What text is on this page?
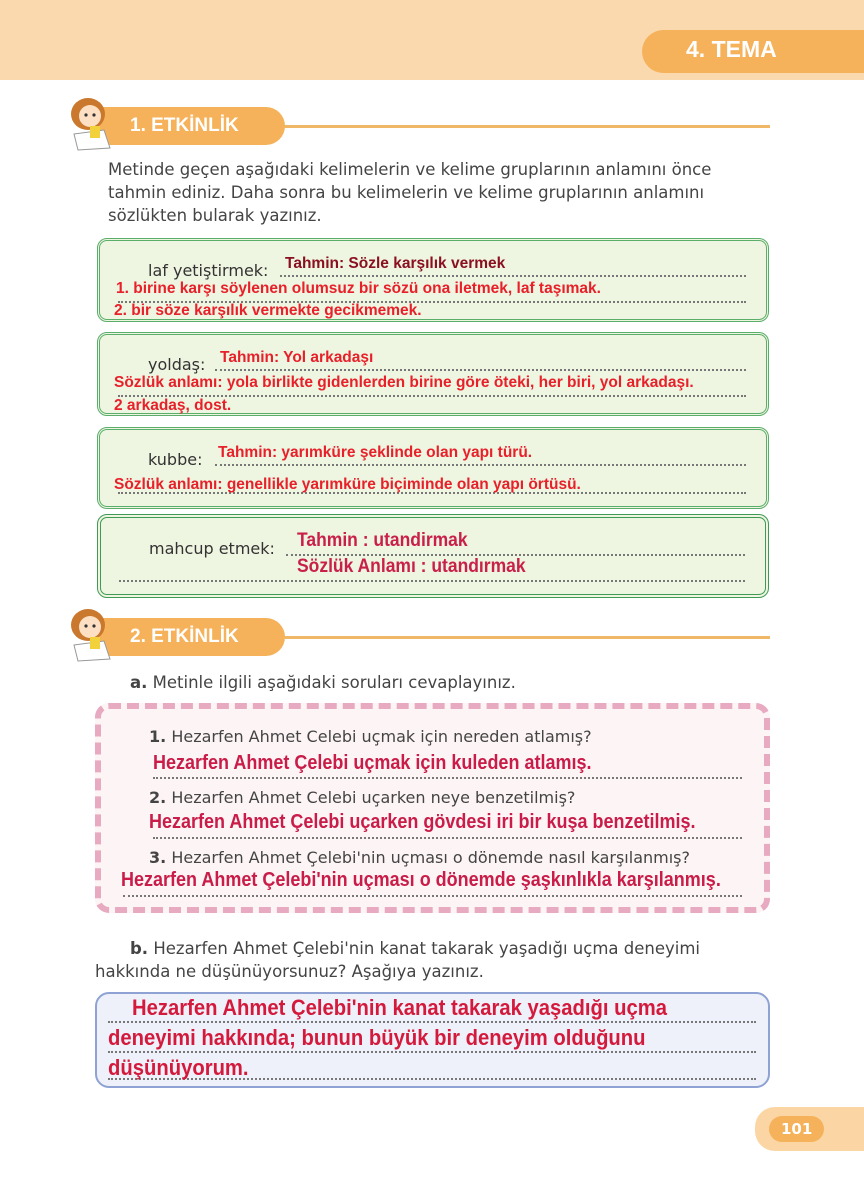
4. TEMA
1. ETKİNLİK
Metinde geçen aşağıdaki kelimelerin ve kelime gruplarının anlamını önce tahmin ediniz. Daha sonra bu kelimelerin ve kelime gruplarının anlamını sözlükten bularak yazınız.
laf yetiştirmek: Tahmin: Sözle karşılık vermek
1. birine karşı söylenen olumsuz bir sözü ona iletmek, laf taşımak.
2. bir söze karşılık vermekte gecikmemek.
yoldaş: Tahmin: Yol arkadaşı
Sözlük anlamı: yola birlikte gidenlerden birine göre öteki, her biri, yol arkadaşı.
2 arkadaş, dost.
kubbe: Tahmin: yarımküre şeklinde olan yapı türü.
Sözlük anlamı: genellikle yarımküre biçiminde olan yapı örtüsü.
mahcup etmek: Tahmin : utandirmak
Sözlük Anlamı : utandırmak
2. ETKİNLİK
a. Metinle ilgili aşağıdaki soruları cevaplayınız.
1. Hezarfen Ahmet Celebi uçmak için nereden atlamış?
Hezarfen Ahmet Çelebi uçmak için kuleden atlamış.
2. Hezarfen Ahmet Celebi uçarken neye benzetilmiş?
Hezarfen Ahmet Çelebi uçarken gövdesi iri bir kuşa benzetilmiş.
3. Hezarfen Ahmet Çelebi'nin uçması o dönemde nasıl karşılanmış?
Hezarfen Ahmet Çelebi'nin uçması o dönemde şaşkınlıkla karşılanmış.
b. Hezarfen Ahmet Çelebi'nin kanat takarak yaşadığı uçma deneyimi hakkında ne düşünüyorsunuz? Aşağıya yazınız.
Hezarfen Ahmet Çelebi'nin kanat takarak yaşadığı uçma
deneyimi hakkında; bunun büyük bir deneyim olduğunu
düşünüyorum.
101
